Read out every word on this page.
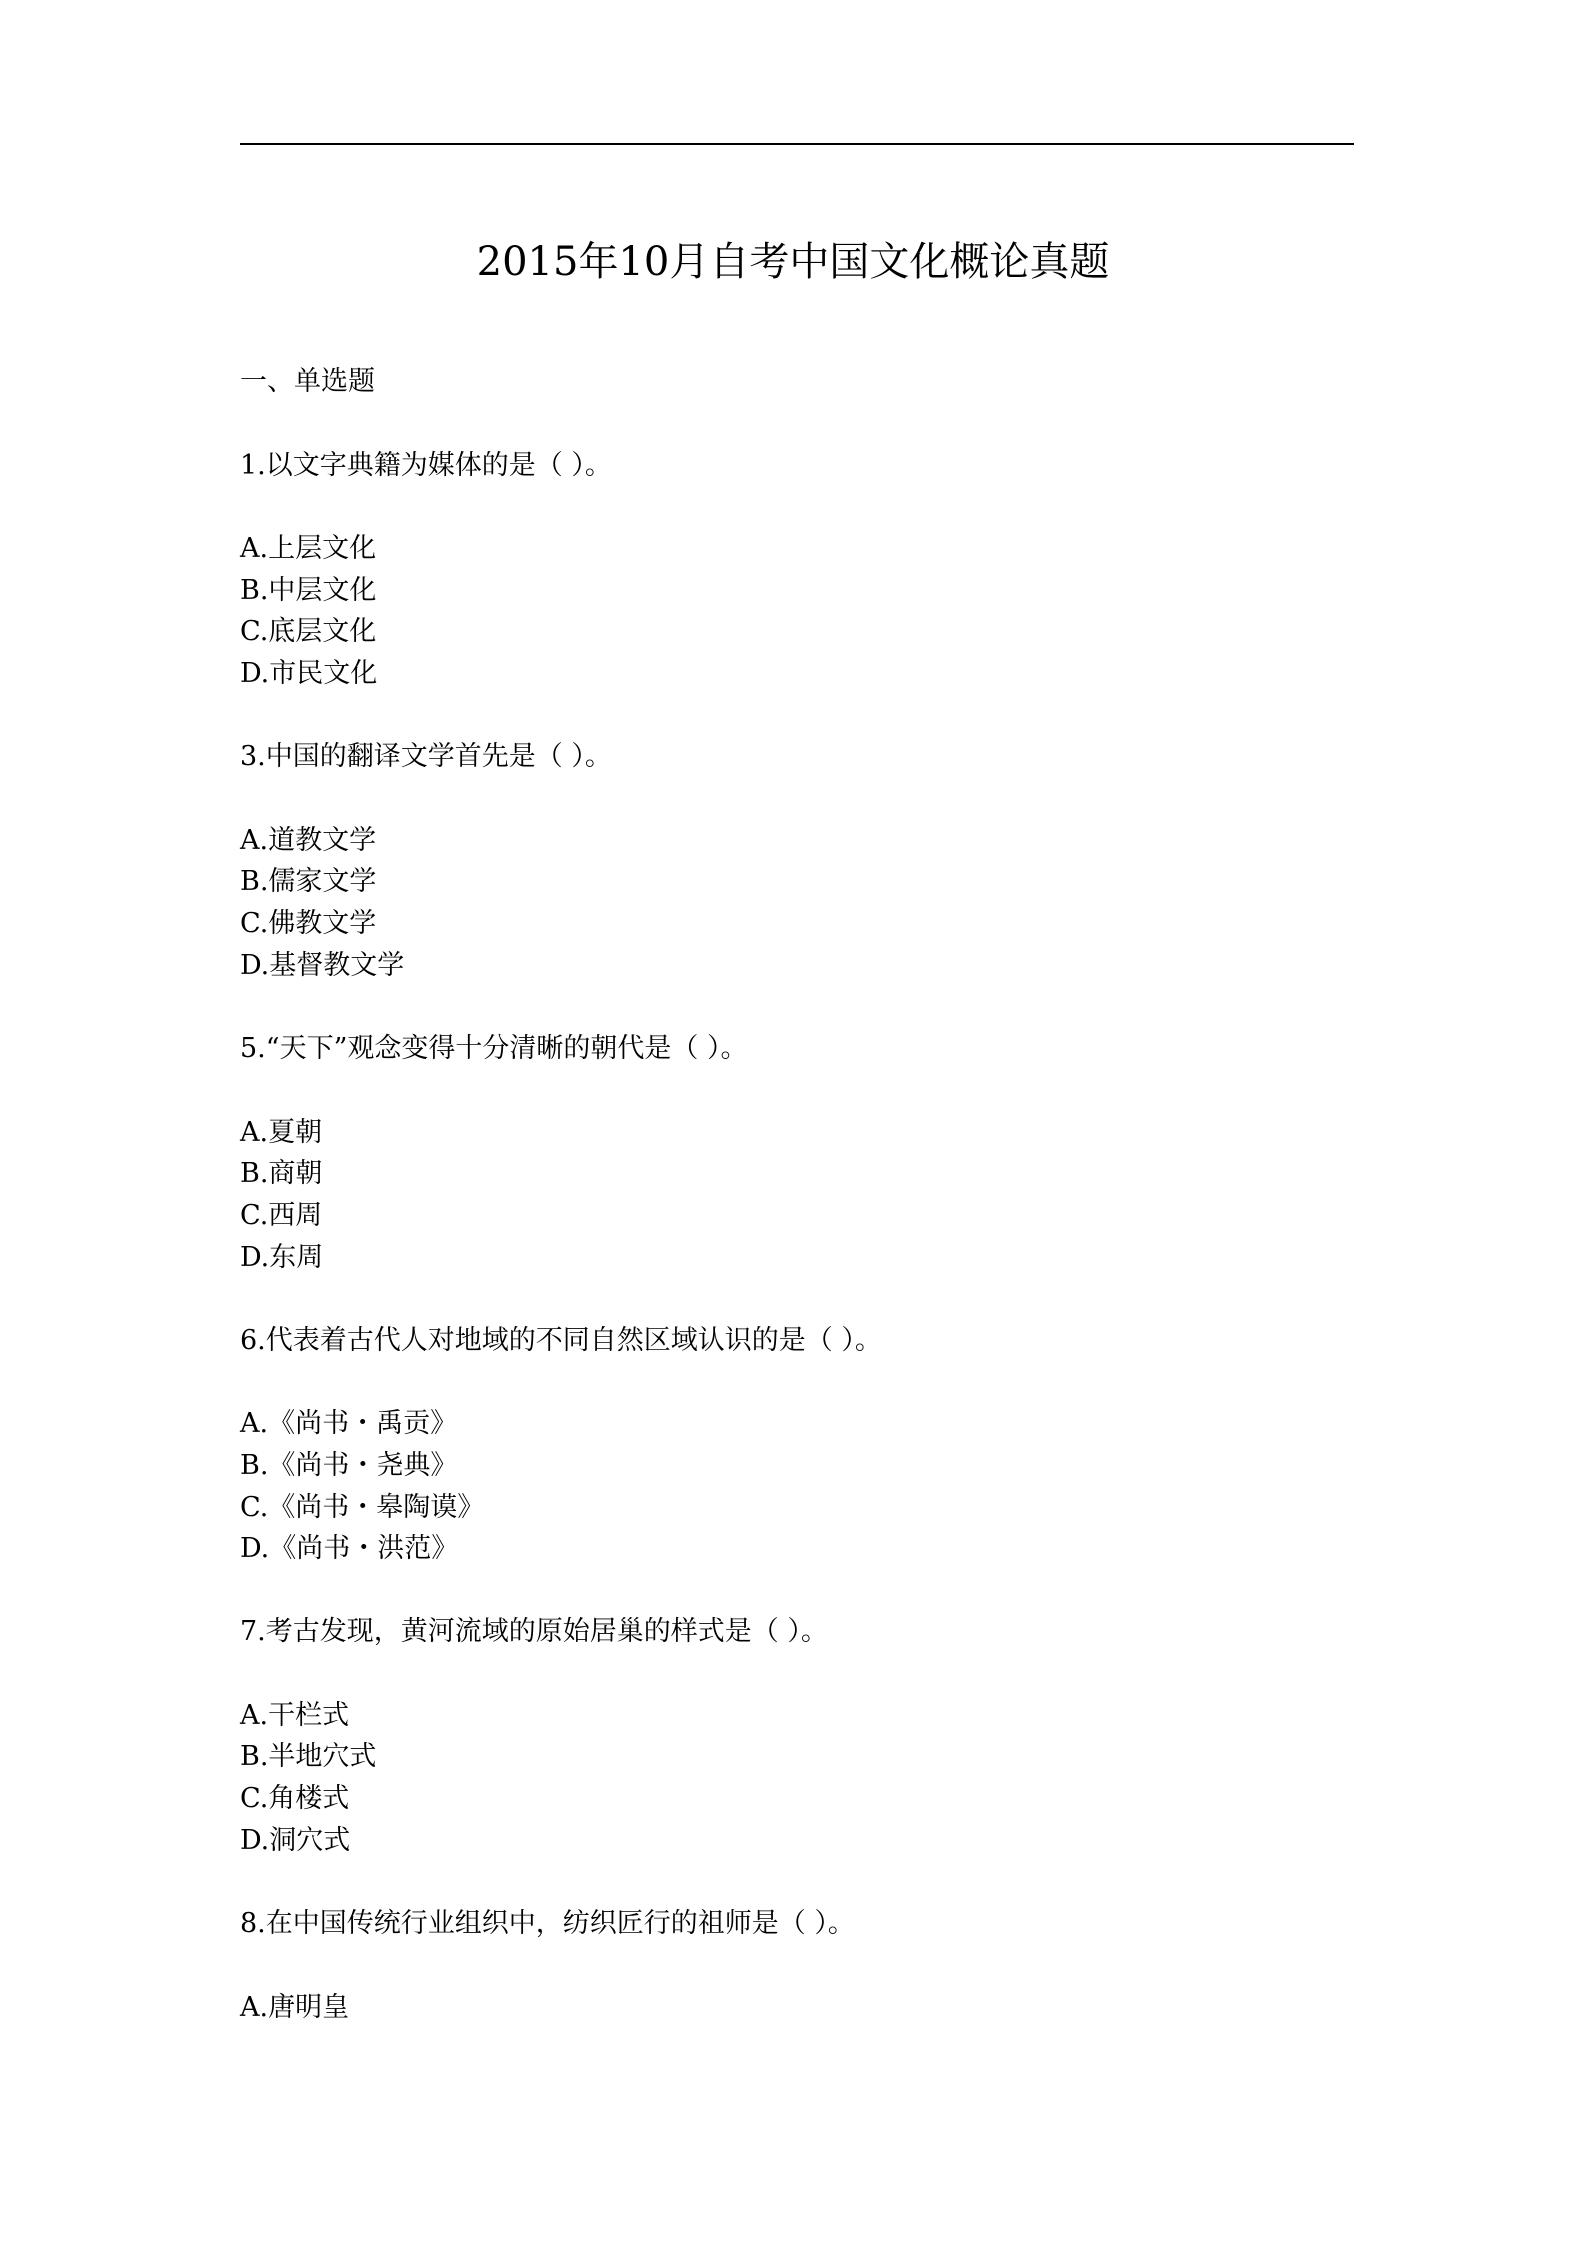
2015年10月自考中国文化概论真题
一、单选题
1.以文字典籍为媒体的是（ ）。
A.上层文化
B.中层文化
C.底层文化
D.市民文化
3.中国的翻译文学首先是（ ）。
A.道教文学
B.儒家文学
C.佛教文学
D.基督教文学
5.“天下”观念变得十分清晰的朝代是（ ）。
A.夏朝
B.商朝
C.西周
D.东周
6.代表着古代人对地域的不同自然区域认识的是（ ）。
A.《尚书・禹贡》
B.《尚书・尧典》
C.《尚书・皋陶谟》
D.《尚书・洪范》
7.考古发现，黄河流域的原始居巢的样式是（ ）。
A.干栏式
B.半地穴式
C.角楼式
D.洞穴式
8.在中国传统行业组织中，纺织匠行的祖师是（ ）。
A.唐明皇
